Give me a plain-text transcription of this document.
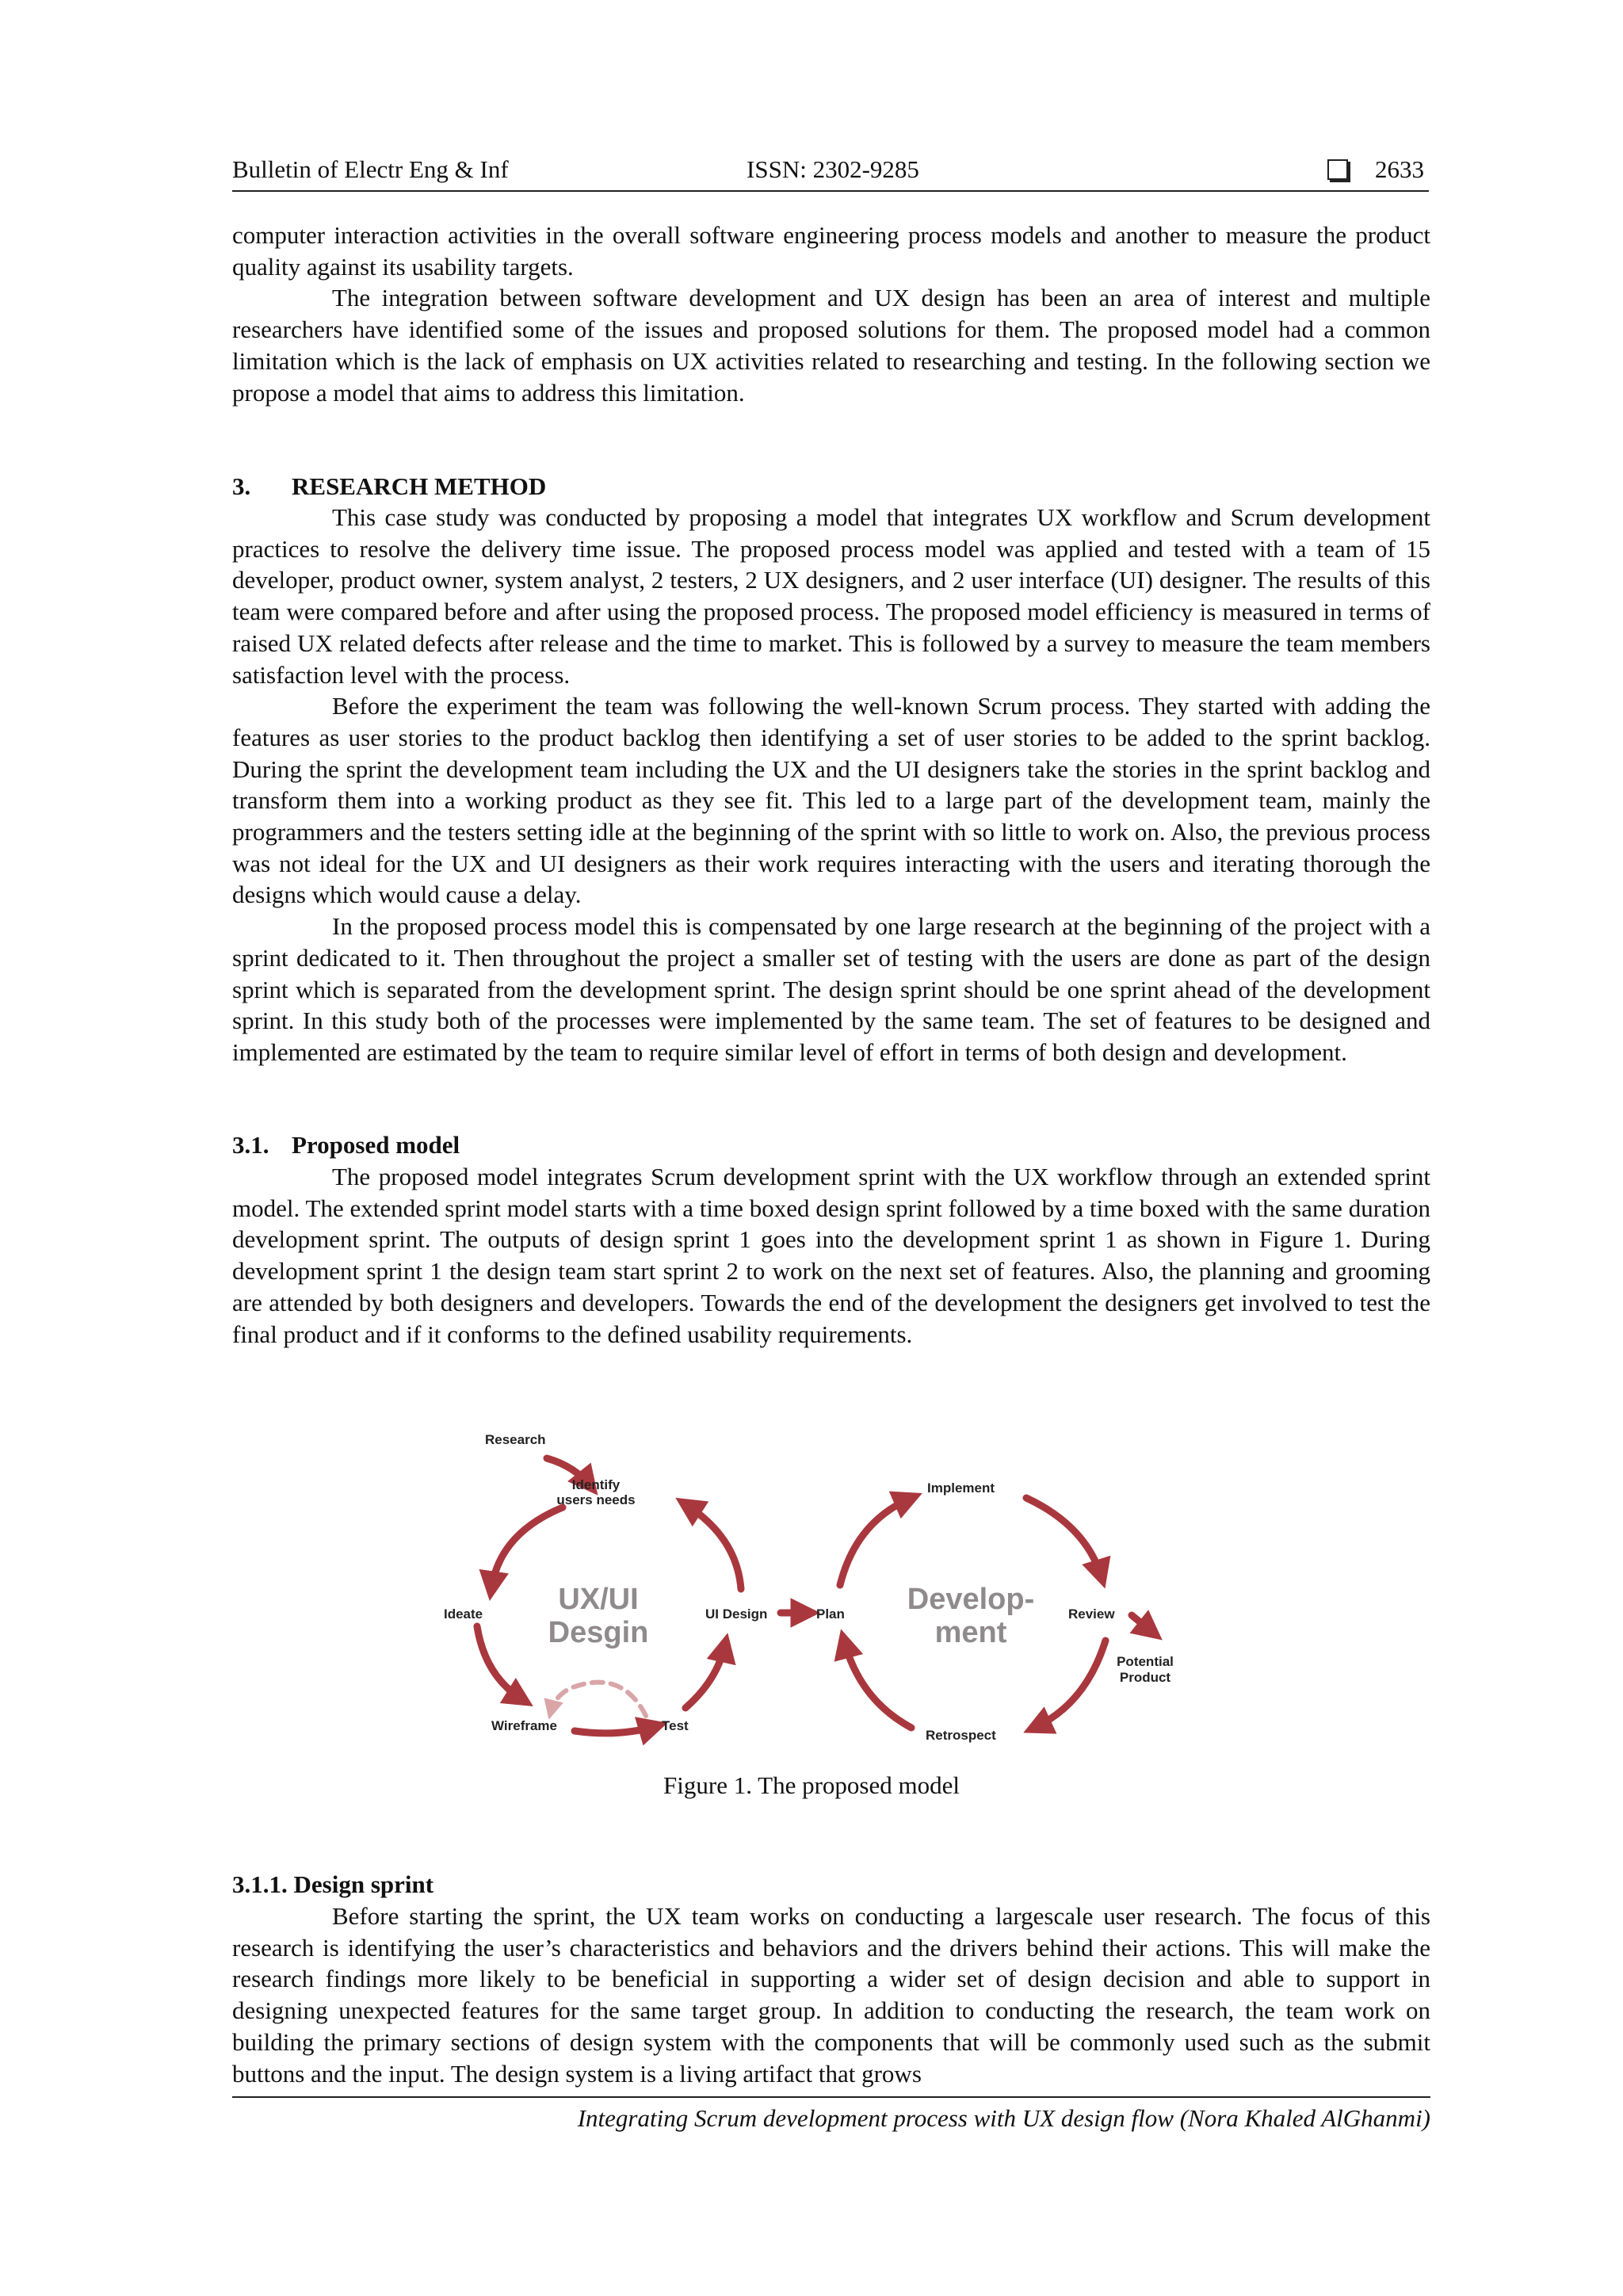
Bulletin of Electr Eng & Inf	ISSN: 2302-9285	2633

computer interaction activities in the overall software engineering process models and another to measure the product quality against its usability targets.

The integration between software development and UX design has been an area of interest and multiple researchers have identified some of the issues and proposed solutions for them. The proposed model had a common limitation which is the lack of emphasis on UX activities related to researching and testing. In the following section we propose a model that aims to address this limitation.

3. RESEARCH METHOD

This case study was conducted by proposing a model that integrates UX workflow and Scrum development practices to resolve the delivery time issue. The proposed process model was applied and tested with a team of 15 developer, product owner, system analyst, 2 testers, 2 UX designers, and 2 user interface (UI) designer. The results of this team were compared before and after using the proposed process. The proposed model efficiency is measured in terms of raised UX related defects after release and the time to market. This is followed by a survey to measure the team members satisfaction level with the process.

Before the experiment the team was following the well-known Scrum process. They started with adding the features as user stories to the product backlog then identifying a set of user stories to be added to the sprint backlog. During the sprint the development team including the UX and the UI designers take the stories in the sprint backlog and transform them into a working product as they see fit. This led to a large part of the development team, mainly the programmers and the testers setting idle at the beginning of the sprint with so little to work on. Also, the previous process was not ideal for the UX and UI designers as their work requires interacting with the users and iterating thorough the designs which would cause a delay.

In the proposed process model this is compensated by one large research at the beginning of the project with a sprint dedicated to it. Then throughout the project a smaller set of testing with the users are done as part of the design sprint which is separated from the development sprint. The design sprint should be one sprint ahead of the development sprint. In this study both of the processes were implemented by the same team. The set of features to be designed and implemented are estimated by the team to require similar level of effort in terms of both design and development.

3.1. Proposed model

The proposed model integrates Scrum development sprint with the UX workflow through an extended sprint model. The extended sprint model starts with a time boxed design sprint followed by a time boxed with the same duration development sprint. The outputs of design sprint 1 goes into the development sprint 1 as shown in Figure 1. During development sprint 1 the design team start sprint 2 to work on the next set of features. Also, the planning and grooming are attended by both designers and developers. Towards the end of the development the designers get involved to test the final product and if it conforms to the defined usability requirements.

Research
Identify
users needs
Ideate	UI Design
Wireframe	Test
UX/UI
Desgin
Develop-
ment
Implement
Plan	Review
Retrospect
Potential
Product
Figure 1. The proposed model
3.1.1. Design sprint

Before starting the sprint, the UX team works on conducting a largescale user research. The focus of this research is identifying the user’s characteristics and behaviors and the drivers behind their actions. This will make the research findings more likely to be beneficial in supporting a wider set of design decision and able to support in designing unexpected features for the same target group. In addition to conducting the research, the team work on building the primary sections of design system with the components that will be commonly used such as the submit buttons and the input. The design system is a living artifact that grows

Integrating Scrum development process with UX design flow (Nora Khaled AlGhanmi)
